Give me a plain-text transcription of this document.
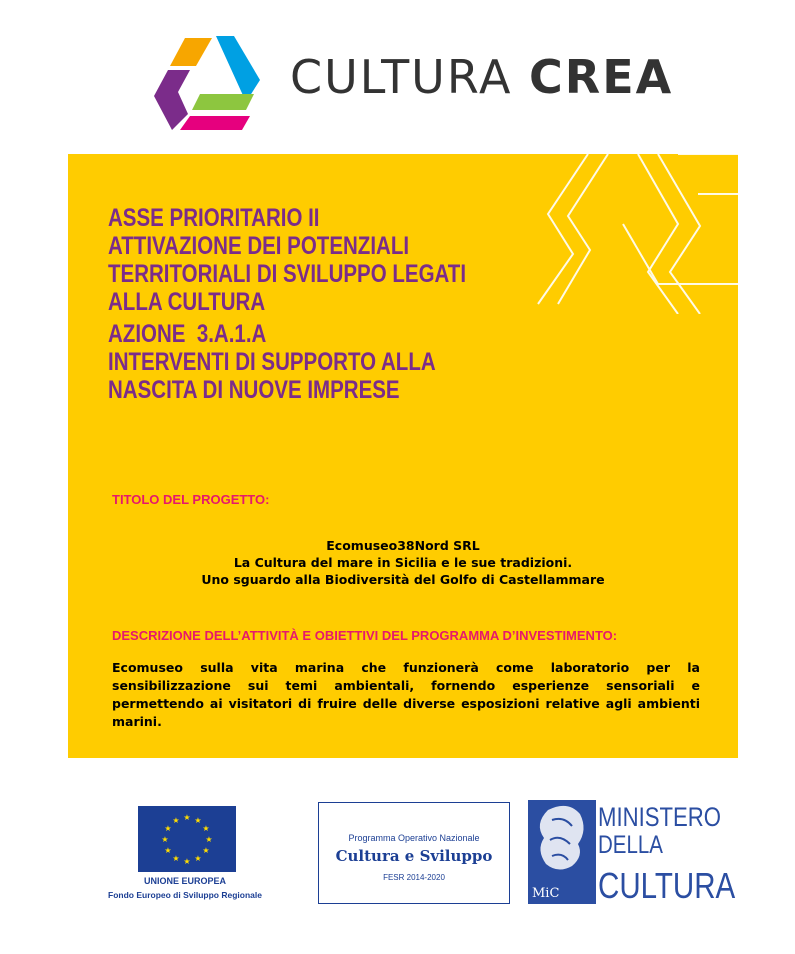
CULTURA CREA
ASSE PRIORITARIO II
ATTIVAZIONE DEI POTENZIALI
TERRITORIALI DI SVILUPPO LEGATI
ALLA CULTURA
AZIONE  3.A.1.A
INTERVENTI DI SUPPORTO ALLA
NASCITA DI NUOVE IMPRESE
TITOLO DEL PROGETTO:
Ecomuseo38Nord SRL
La Cultura del mare in Sicilia e le sue tradizioni.
Uno sguardo alla Biodiversità del Golfo di Castellammare
DESCRIZIONE DELL’ATTIVITÀ E OBIETTIVI DEL PROGRAMMA D’INVESTIMENTO:
Ecomuseo sulla vita marina che funzionerà come laboratorio per la sensibilizzazione sui temi ambientali, fornendo esperienze sensoriali e permettendo ai visitatori di fruire delle diverse esposizioni relative agli ambienti marini.
★ ★
★
★
★
★
★
★
★
★
★
★
UNIONE EUROPEA
Fondo Europeo di Sviluppo Regionale
Programma Operativo Nazionale
Cultura e Sviluppo
FESR 2014-2020
MiC
MINISTERO
DELLA
CULTURA
